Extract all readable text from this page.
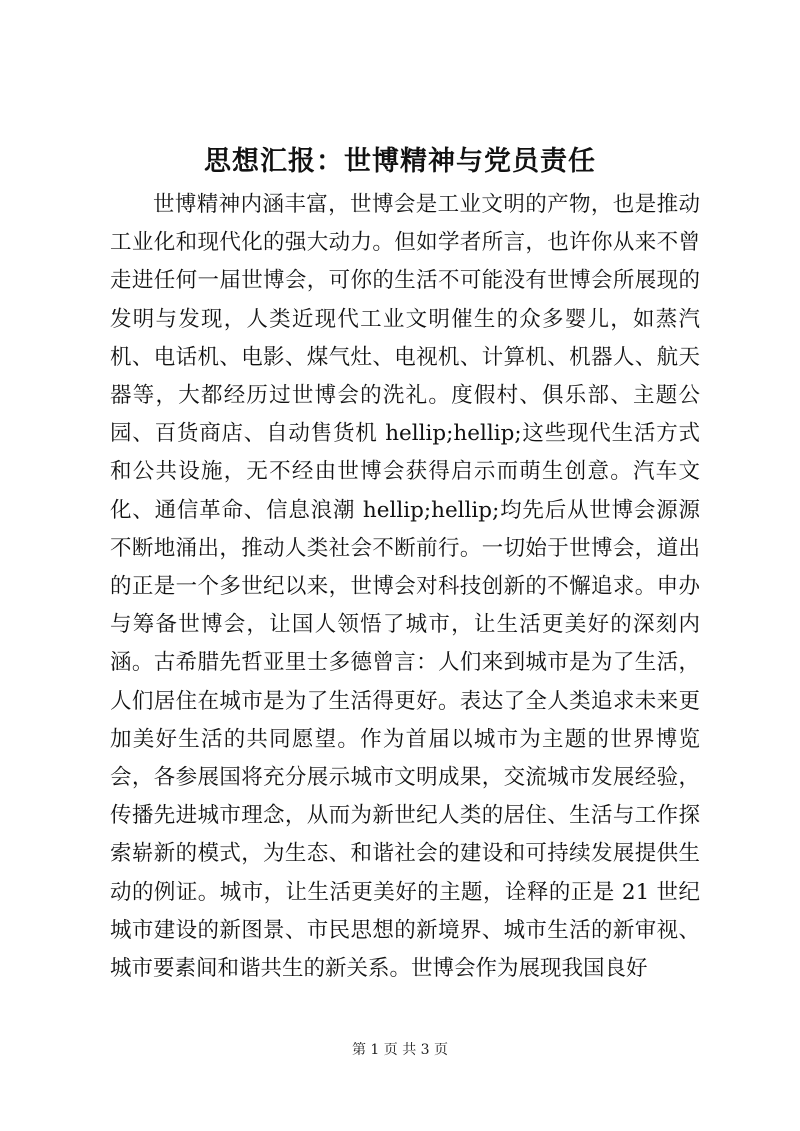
思想汇报：世博精神与党员责任

世博精神内涵丰富，世博会是工业文明的产物，也是推动工业化和现代化的强大动力。但如学者所言，也许你从来不曾走进任何一届世博会，可你的生活不可能没有世博会所展现的发明与发现，人类近现代工业文明催生的众多婴儿，如蒸汽机、电话机、电影、煤气灶、电视机、计算机、机器人、航天器等，大都经历过世博会的洗礼。度假村、俱乐部、主题公园、百货商店、自动售货机 hellip;hellip;这些现代生活方式和公共设施，无不经由世博会获得启示而萌生创意。汽车文化、通信革命、信息浪潮 hellip;hellip;均先后从世博会源源不断地涌出，推动人类社会不断前行。一切始于世博会，道出的正是一个多世纪以来，世博会对科技创新的不懈追求。申办与筹备世博会，让国人领悟了城市，让生活更美好的深刻内涵。古希腊先哲亚里士多德曾言：人们来到城市是为了生活，人们居住在城市是为了生活得更好。表达了全人类追求未来更加美好生活的共同愿望。作为首届以城市为主题的世界博览会，各参展国将充分展示城市文明成果，交流城市发展经验，传播先进城市理念，从而为新世纪人类的居住、生活与工作探索崭新的模式，为生态、和谐社会的建设和可持续发展提供生动的例证。城市，让生活更美好的主题，诠释的正是 21 世纪城市建设的新图景、市民思想的新境界、城市生活的新审视、城市要素间和谐共生的新关系。世博会作为展现我国良好

第 1 页 共 3 页
